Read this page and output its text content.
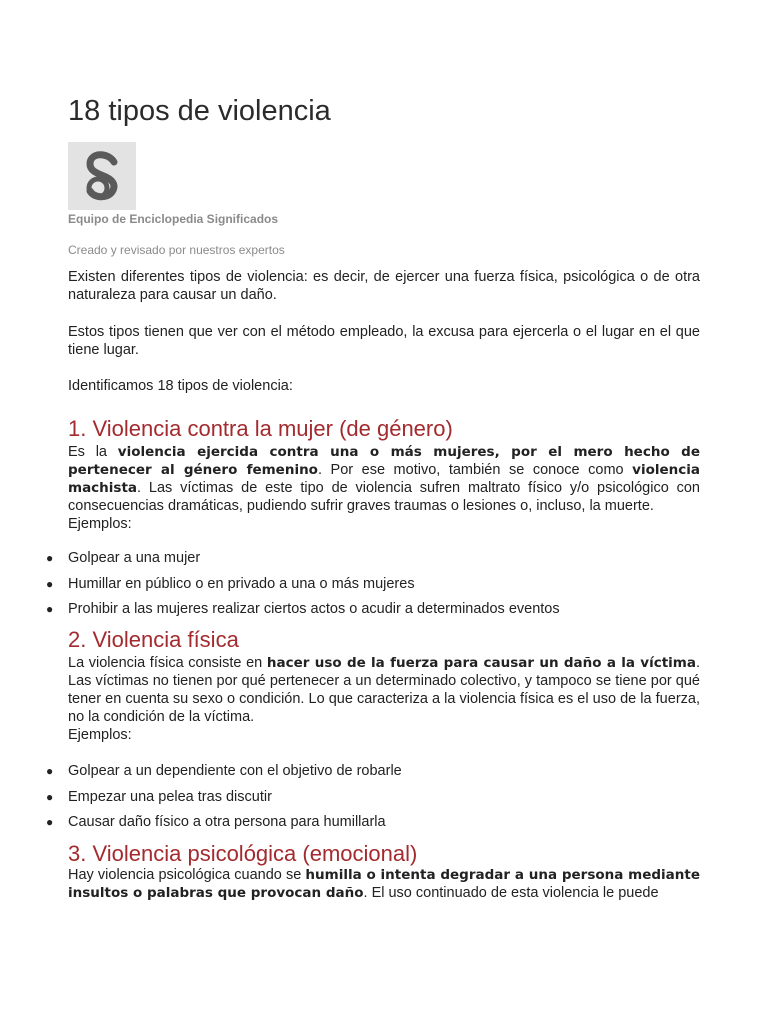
18 tipos de violencia
Equipo de Enciclopedia Significados
Creado y revisado por nuestros expertos

Existen diferentes tipos de violencia: es decir, de ejercer una fuerza física, psicológica o de otra naturaleza para causar un daño.

Estos tipos tienen que ver con el método empleado, la excusa para ejercerla o el lugar en el que tiene lugar.

Identificamos 18 tipos de violencia:

1. Violencia contra la mujer (de género)

Es la violencia ejercida contra una o más mujeres, por el mero hecho de pertenecer al género femenino. Por ese motivo, también se conoce como violencia machista. Las víctimas de este tipo de violencia sufren maltrato físico y/o psicológico con consecuencias dramáticas, pudiendo sufrir graves traumas o lesiones o, incluso, la muerte.

Ejemplos:

● Golpear a una mujer
● Humillar en público o en privado a una o más mujeres
● Prohibir a las mujeres realizar ciertos actos o acudir a determinados eventos
2. Violencia física

La violencia física consiste en hacer uso de la fuerza para causar un daño a la víctima. Las víctimas no tienen por qué pertenecer a un determinado colectivo, y tampoco se tiene por qué tener en cuenta su sexo o condición. Lo que caracteriza a la violencia física es el uso de la fuerza, no la condición de la víctima.

Ejemplos:

● Golpear a un dependiente con el objetivo de robarle
● Empezar una pelea tras discutir
● Causar daño físico a otra persona para humillarla
3. Violencia psicológica (emocional)

Hay violencia psicológica cuando se humilla o intenta degradar a una persona mediante insultos o palabras que provocan daño. El uso continuado de esta violencia le puede
